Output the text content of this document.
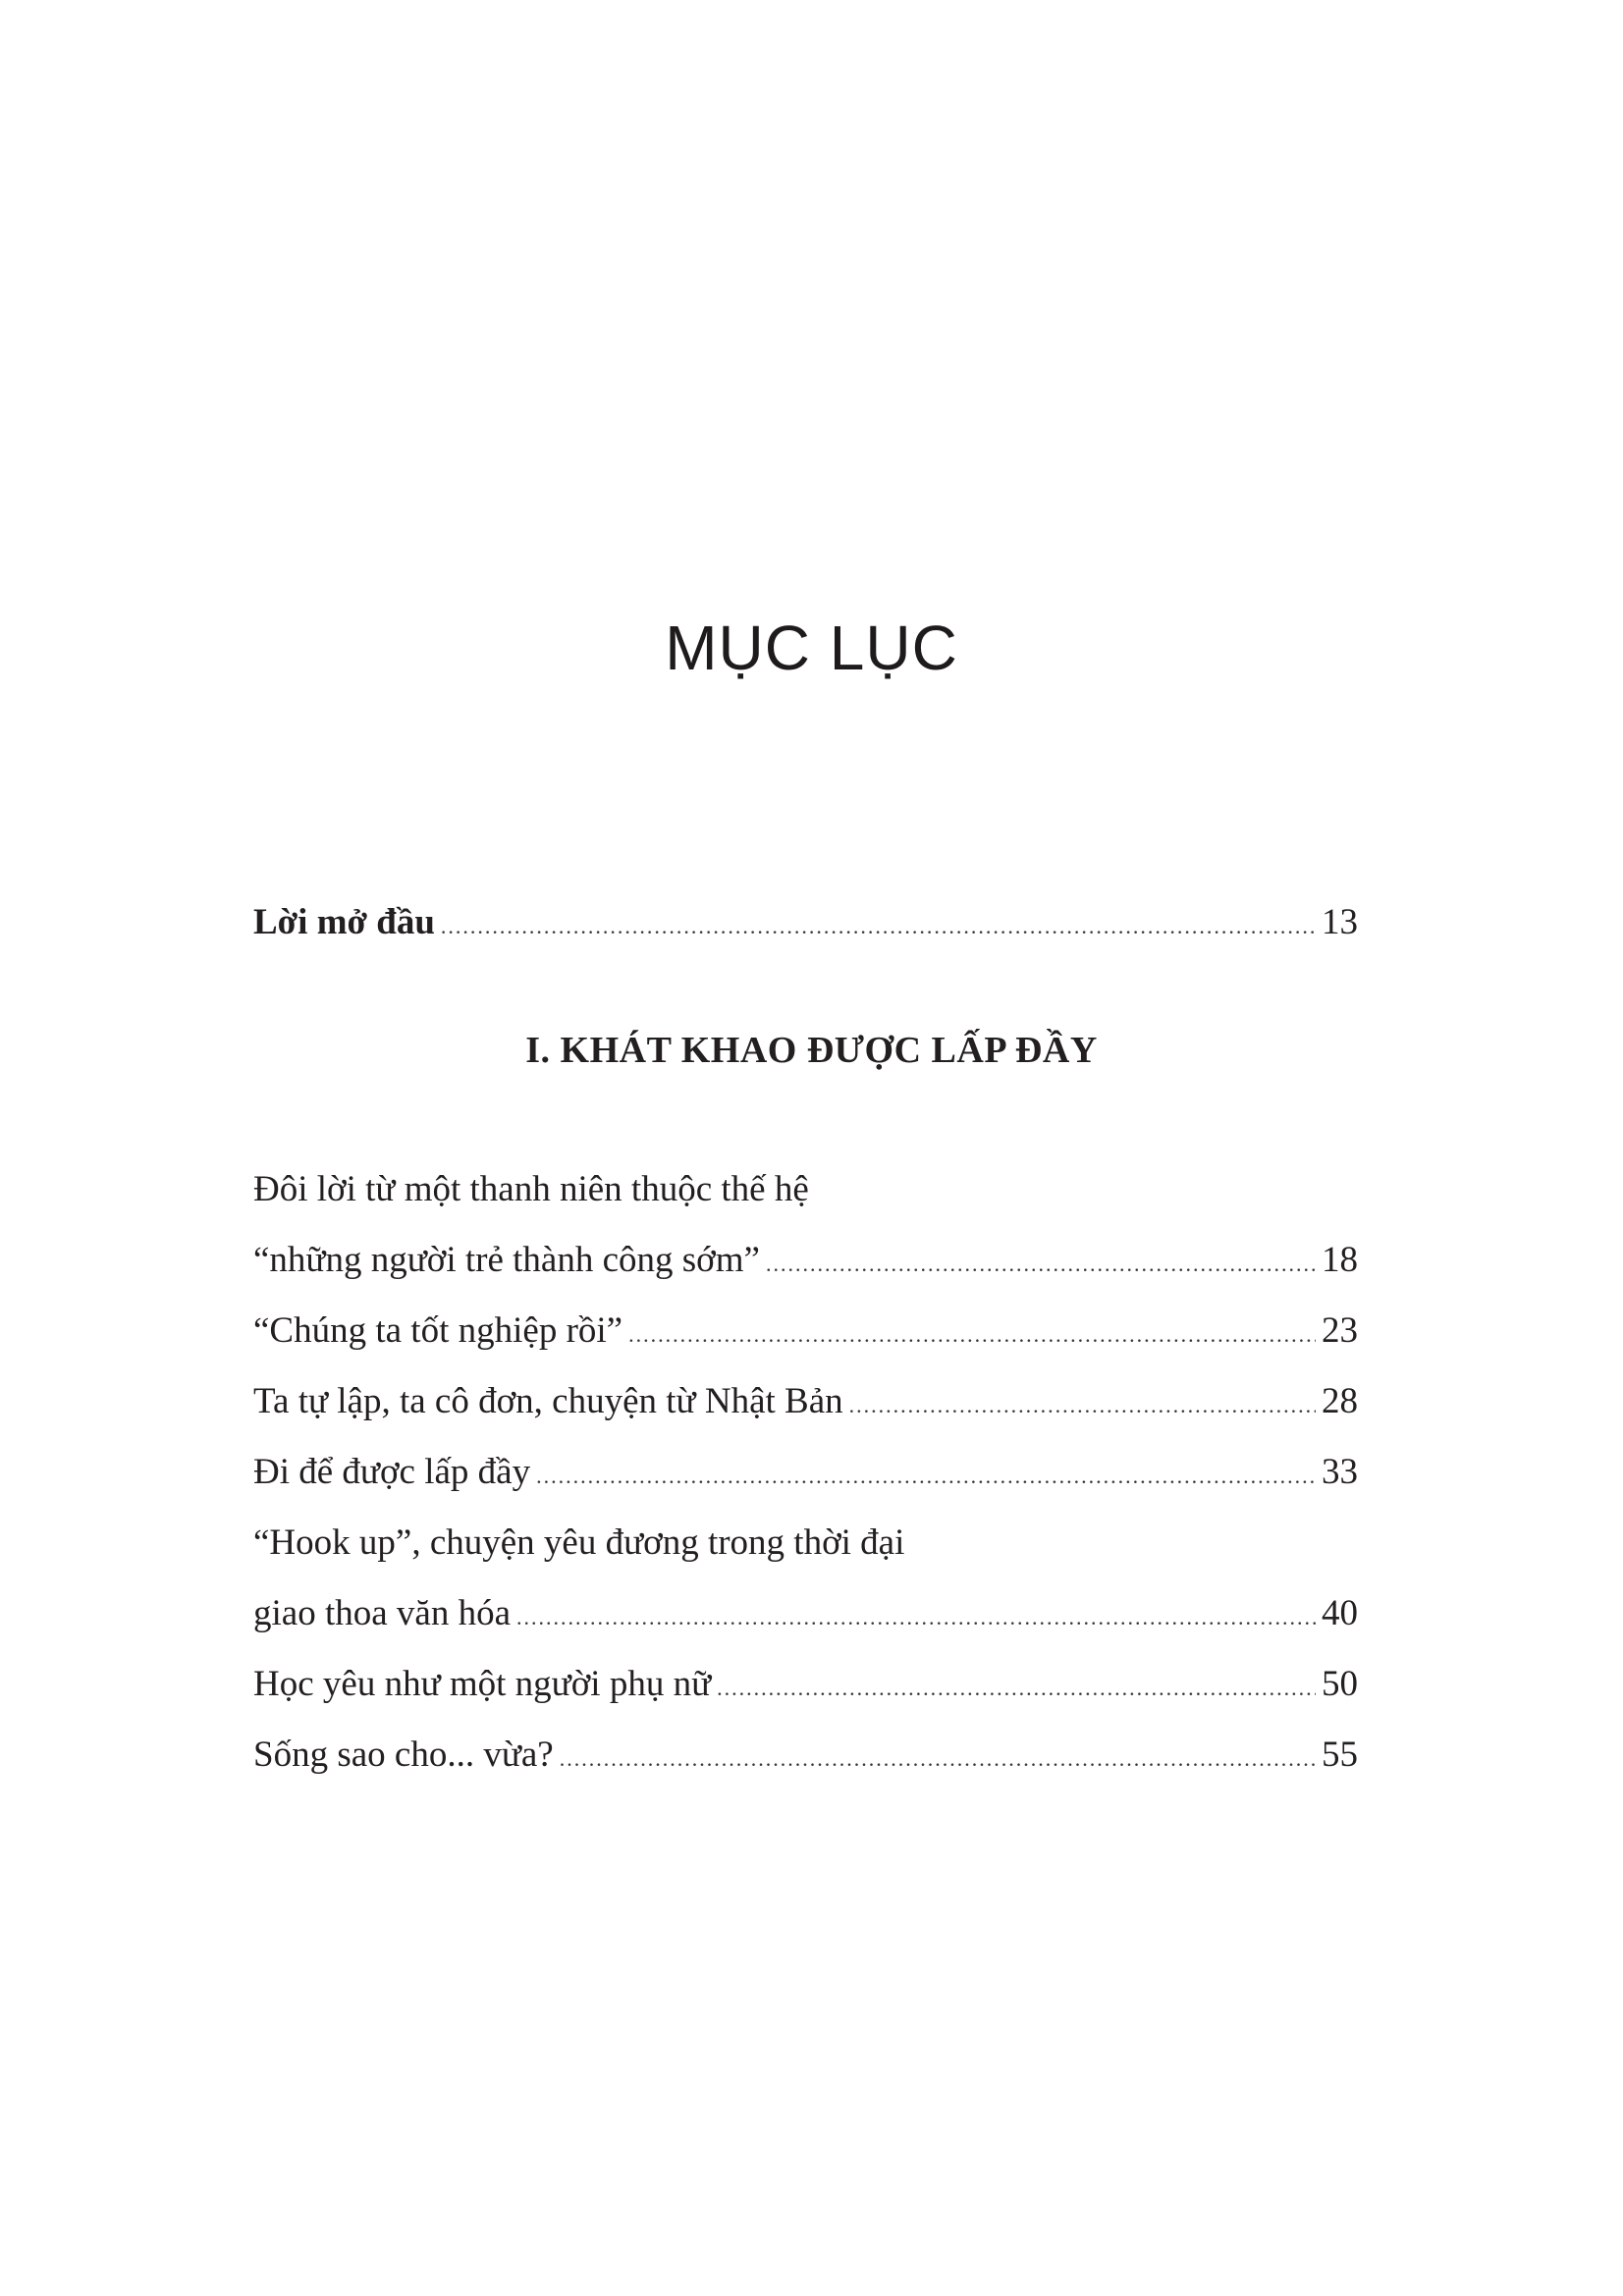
MỤC LỤC
Lời mở đầu .....	13
I. KHÁT KHAO ĐƯỢC LẤP ĐẦY
Đôi lời từ một thanh niên thuộc thế hệ
“những người trẻ thành công sớm” .....	18
“Chúng ta tốt nghiệp rồi” .....	23
Ta tự lập, ta cô đơn, chuyện từ Nhật Bản .....	28
Đi để được lấp đầy .....	33
“Hook up”, chuyện yêu đương trong thời đại
giao thoa văn hóa .....	40
Học yêu như một người phụ nữ .....	50
Sống sao cho... vừa? .....	55
